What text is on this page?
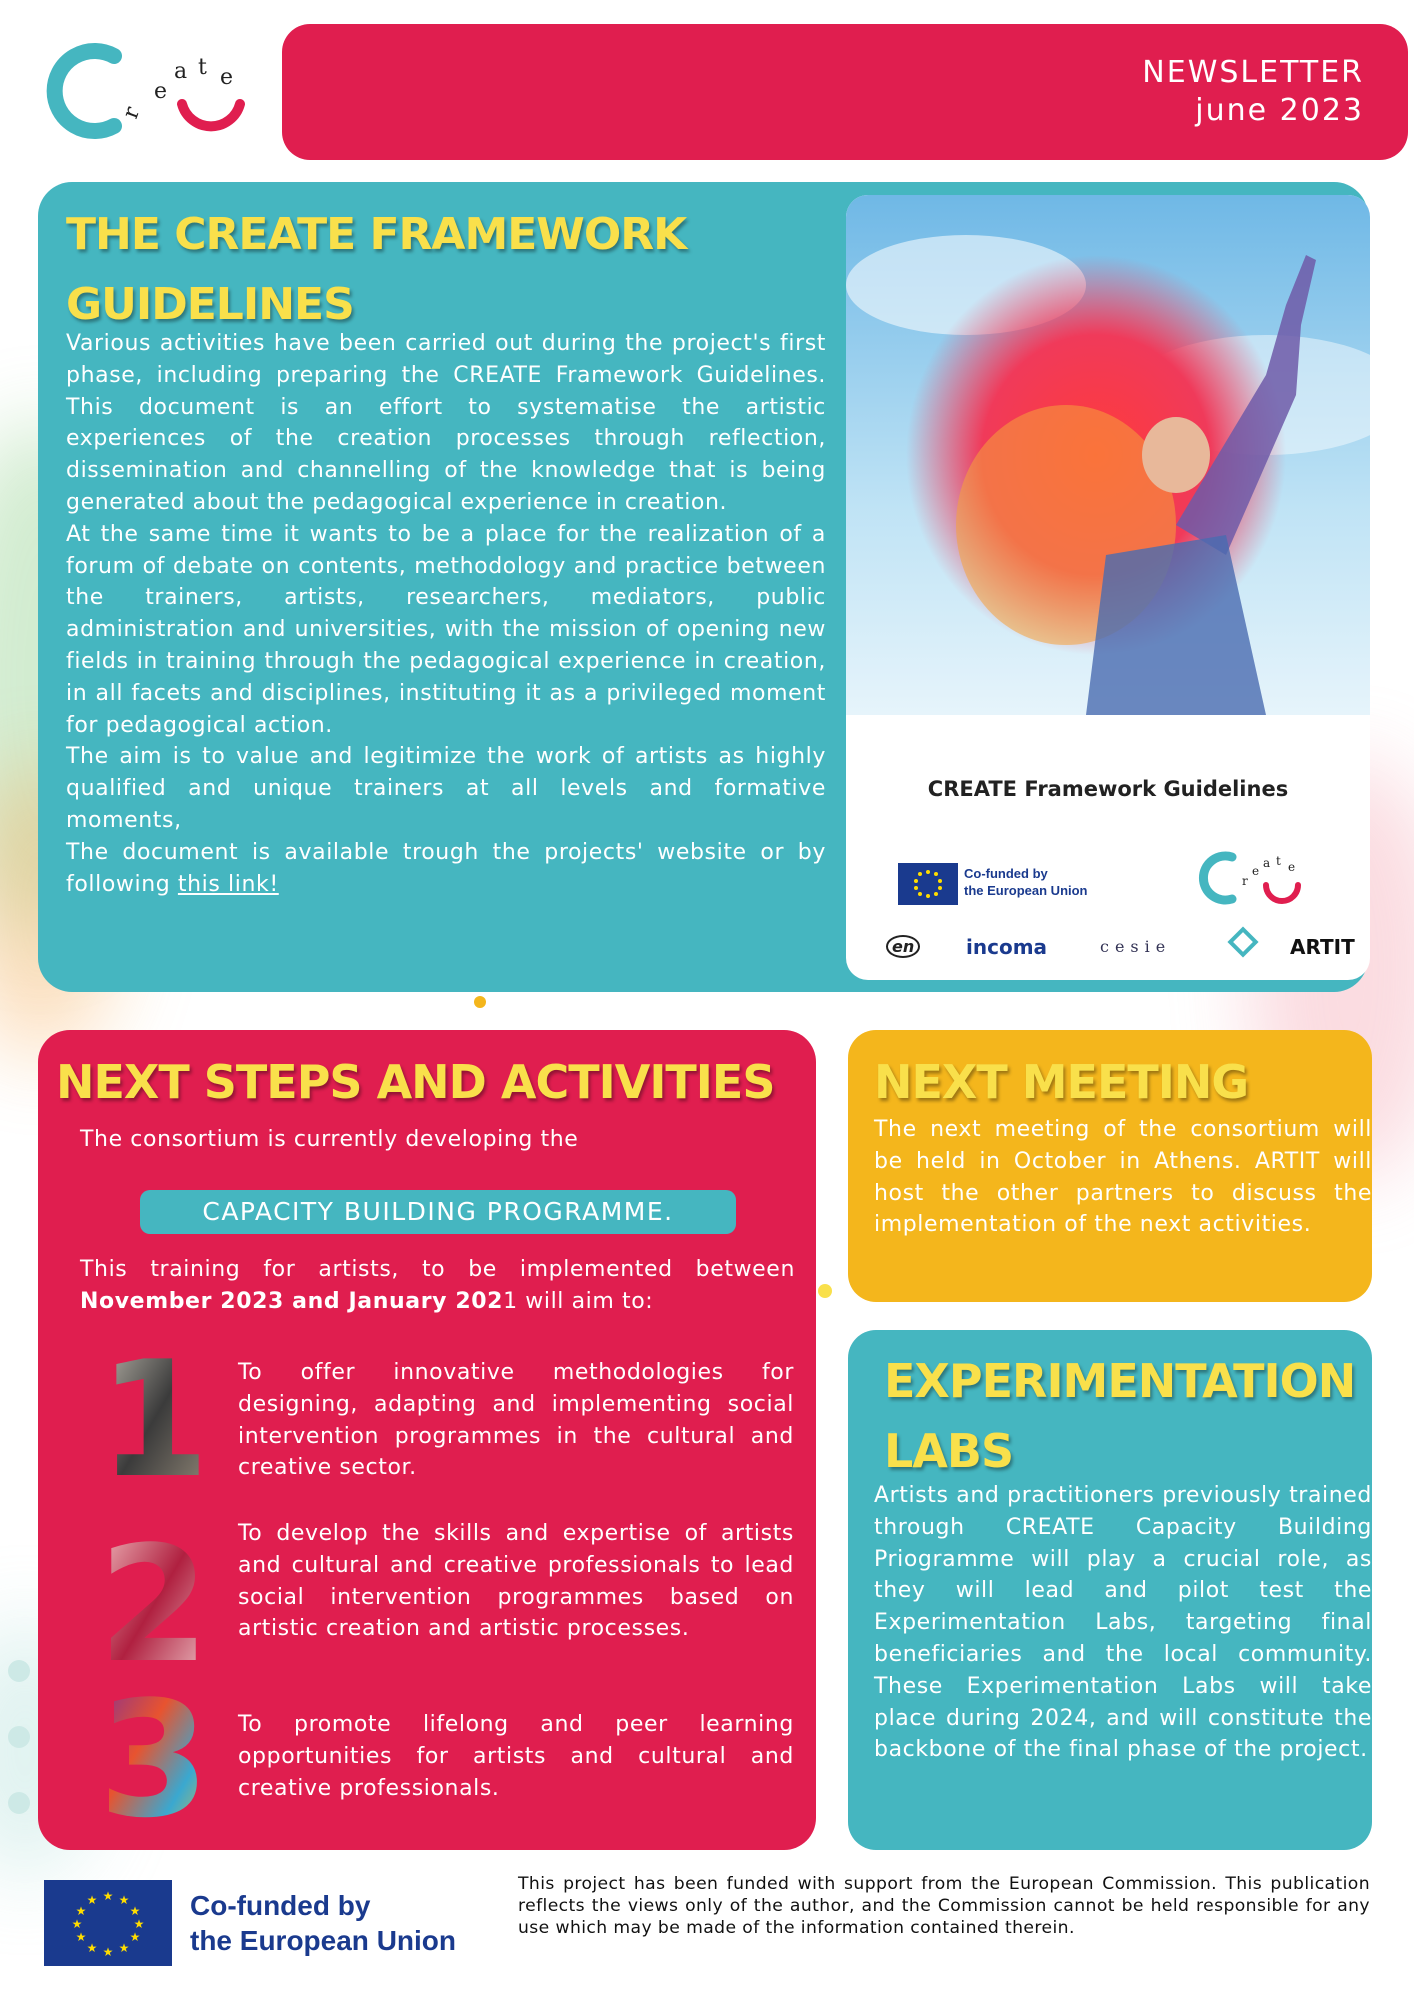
r
e
a t e	NEWSLETTER
june 2023
THE CREATE FRAMEWORK GUIDELINES

Various activities have been carried out during the project's first phase, including preparing the CREATE Framework Guidelines. This document is an effort to systematise the artistic experiences of the creation processes through reflection, dissemination and channelling of the knowledge that is being generated about the pedagogical experience in creation.

At the same time it wants to be a place for the realization of a forum of debate on contents, methodology and practice between the trainers, artists, researchers, mediators, public administration and universities, with the mission of opening new fields in training through the pedagogical experience in creation, in all facets and disciplines, instituting it as a privileged moment for pedagogical action.

The aim is to value and legitimize the work of artists as highly qualified and unique trainers at all levels and formative moments,

The document is available trough the projects' website or by following this link!

CREATE Framework Guidelines
Co-funded by
the European Union
r
e
a t e
en	incoma	cesie	ARTIT
NEXT STEPS AND ACTIVITIES
The consortium is currently developing the
CAPACITY BUILDING PROGRAMME.
This training for artists, to be implemented between November 2023 and January 2021 will aim to:
1 To offer innovative methodologies for designing, adapting and implementing social intervention programmes in the cultural and creative sector.
2 To develop the skills and expertise of artists and cultural and creative professionals to lead social intervention programmes based on artistic creation and artistic processes.
3 To promote lifelong and peer learning opportunities for artists and cultural and creative professionals.
NEXT MEETING
The next meeting of the consortium will be held in October in Athens. ARTIT will host the other partners to discuss the implementation of the next activities.
EXPERIMENTATION LABS
Artists and practitioners previously trained through CREATE Capacity Building Priogramme will play a crucial role, as they will lead and pilot test the Experimentation Labs, targeting final beneficiaries and the local community. These Experimentation Labs will take place during 2024, and will constitute the backbone of the final phase of the project.
★ ★
★
★
★
★
★
★
★
★
★
★	Co-funded by
the European Union
This project has been funded with support from the European Commission. This publication reflects the views only of the author, and the Commission cannot be held responsible for any use which may be made of the information contained therein.
